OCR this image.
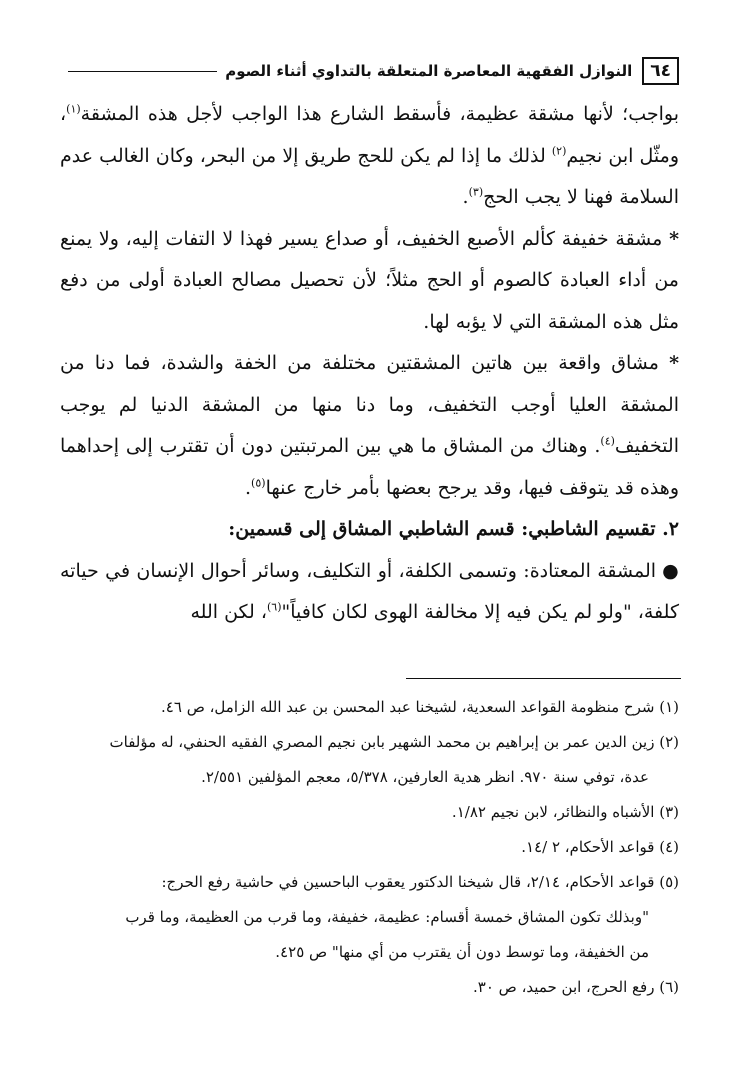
٦٤
النوازل الفقهية المعاصرة المتعلقة بالتداوي أثناء الصوم

بواجب؛ لأنها مشقة عظيمة، فأسقط الشارع هذا الواجب لأجل هذه المشقة$^{(١)}$، ومثّل ابن نجيم$^{(٢)}$ لذلك ما إذا لم يكن للحج طريق إلا من البحر، وكان الغالب عدم السلامة فهنا لا يجب الحج$^{(٣)}$.

* مشقة خفيفة كألم الأصبع الخفيف، أو صداع يسير فهذا لا التفات إليه، ولا يمنع من أداء العبادة كالصوم أو الحج مثلاً؛ لأن تحصيل مصالح العبادة أولى من دفع مثل هذه المشقة التي لا يؤبه لها.

* مشاق واقعة بين هاتين المشقتين مختلفة من الخفة والشدة، فما دنا من المشقة العليا أوجب التخفيف، وما دنا منها من المشقة الدنيا لم يوجب التخفيف$^{(٤)}$. وهناك من المشاق ما هي بين المرتبتين دون أن تقترب إلى إحداهما وهذه قد يتوقف فيها، وقد يرجح بعضها بأمر خارج عنها$^{(٥)}$.

٢. تقسيم الشاطبي: قسم الشاطبي المشاق إلى قسمين:

● المشقة المعتادة: وتسمى الكلفة، أو التكليف، وسائر أحوال الإنسان في حياته كلفة، "ولو لم يكن فيه إلا مخالفة الهوى لكان كافياً"$^{(٦)}$، لكن الله

(١) شرح منظومة القواعد السعدية، لشيخنا عبد المحسن بن عبد الله الزامل، ص ٤٦.

(٢) زين الدين عمر بن إبراهيم بن محمد الشهير بابن نجيم المصري الفقيه الحنفي، له مؤلفات

عدة، توفي سنة ٩٧٠. انظر هدية العارفين، ٥/٣٧٨، معجم المؤلفين ٢/٥٥١.

(٣) الأشباه والنظائر، لابن نجيم ١/٨٢.

(٤) قواعد الأحكام، ٢ /١٤.

(٥) قواعد الأحكام، ٢/١٤، قال شيخنا الدكتور يعقوب الباحسين في حاشية رفع الحرج:

"وبذلك تكون المشاق خمسة أقسام: عظيمة، خفيفة، وما قرب من العظيمة، وما قرب

من الخفيفة، وما توسط دون أن يقترب من أي منها" ص ٤٢٥.

(٦) رفع الحرج، ابن حميد، ص ٣٠.
